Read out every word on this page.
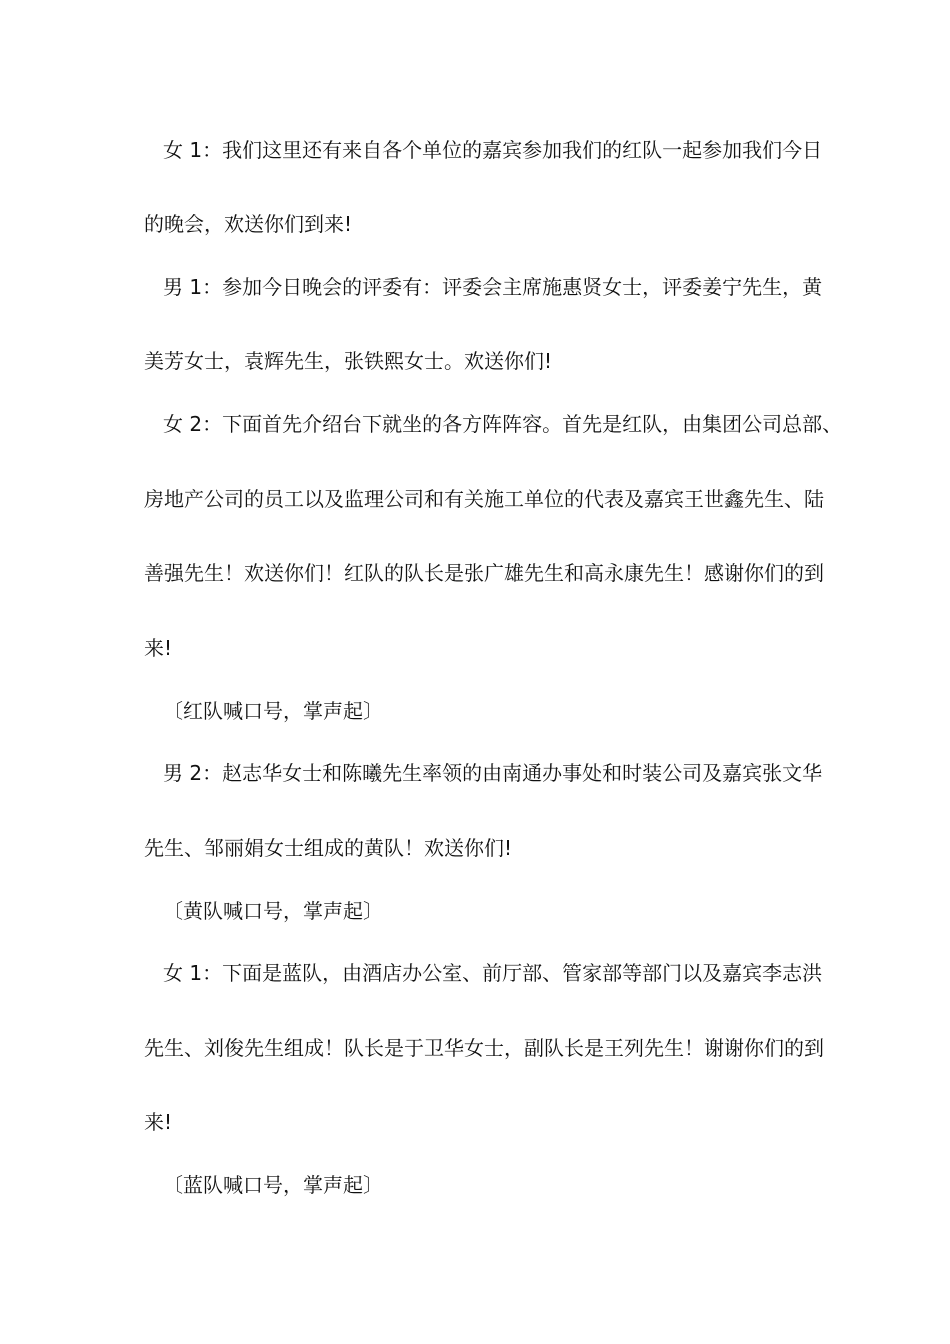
女 1：我们这里还有来自各个单位的嘉宾参加我们的红队一起参加我们今日
的晚会，欢送你们到来!
男 1：参加今日晚会的评委有：评委会主席施惠贤女士，评委姜宁先生，黄
美芳女士，袁辉先生，张铁熙女士。欢送你们!
女 2：下面首先介绍台下就坐的各方阵阵容。首先是红队，由集团公司总部、
房地产公司的员工以及监理公司和有关施工单位的代表及嘉宾王世鑫先生、陆
善强先生！欢送你们！红队的队长是张广雄先生和高永康先生！感谢你们的到
来!
〔红队喊口号，掌声起〕
男 2：赵志华女士和陈曦先生率领的由南通办事处和时装公司及嘉宾张文华
先生、邹丽娟女士组成的黄队！欢送你们!
〔黄队喊口号，掌声起〕
女 1：下面是蓝队，由酒店办公室、前厅部、管家部等部门以及嘉宾李志洪
先生、刘俊先生组成！队长是于卫华女士，副队长是王列先生！谢谢你们的到
来!
〔蓝队喊口号，掌声起〕
